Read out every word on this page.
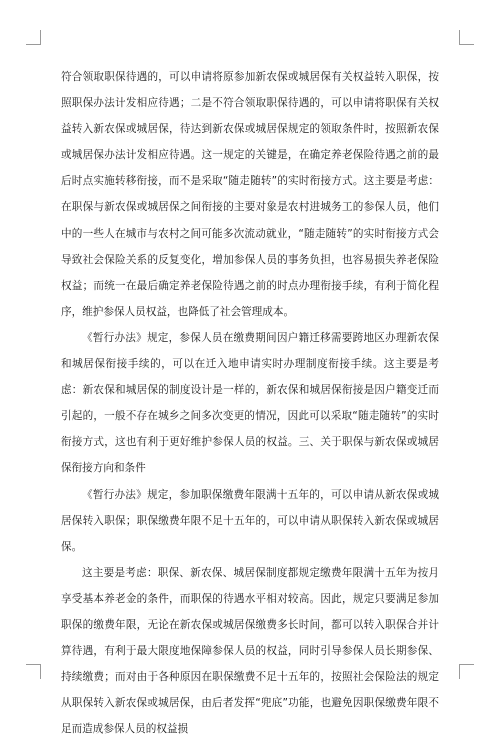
符合领取职保待遇的，可以申请将原参加新农保或城居保有关权益转入职保，按照职保办法计发相应待遇；二是不符合领取职保待遇的，可以申请将职保有关权益转入新农保或城居保，待达到新农保或城居保规定的领取条件时，按照新农保或城居保办法计发相应待遇。这一规定的关键是，在确定养老保险待遇之前的最后时点实施转移衔接，而不是采取“随走随转”的实时衔接方式。这主要是考虑：在职保与新农保或城居保之间衔接的主要对象是农村进城务工的参保人员，他们中的一些人在城市与农村之间可能多次流动就业，“随走随转”的实时衔接方式会导致社会保险关系的反复变化，增加参保人员的事务负担，也容易损失养老保险权益；而统一在最后确定养老保险待遇之前的时点办理衔接手续，有利于简化程序，维护参保人员权益，也降低了社会管理成本。

《暂行办法》规定，参保人员在缴费期间因户籍迁移需要跨地区办理新农保和城居保衔接手续的，可以在迁入地申请实时办理制度衔接手续。这主要是考虑：新农保和城居保的制度设计是一样的，新农保和城居保衔接是因户籍变迁而引起的，一般不存在城乡之间多次变更的情况，因此可以采取“随走随转”的实时衔接方式，这也有利于更好维护参保人员的权益。三、关于职保与新农保或城居保衔接方向和条件

《暂行办法》规定，参加职保缴费年限满十五年的，可以申请从新农保或城居保转入职保；职保缴费年限不足十五年的，可以申请从职保转入新农保或城居保。

这主要是考虑：职保、新农保、城居保制度都规定缴费年限满十五年为按月享受基本养老金的条件，而职保的待遇水平相对较高。因此，规定只要满足参加职保的缴费年限，无论在新农保或城居保缴费多长时间，都可以转入职保合并计算待遇，有利于最大限度地保障参保人员的权益，同时引导参保人员长期参保、持续缴费；而对由于各种原因在职保缴费不足十五年的，按照社会保险法的规定从职保转入新农保或城居保，由后者发挥“兜底”功能，也避免因职保缴费年限不足而造成参保人员的权益损
